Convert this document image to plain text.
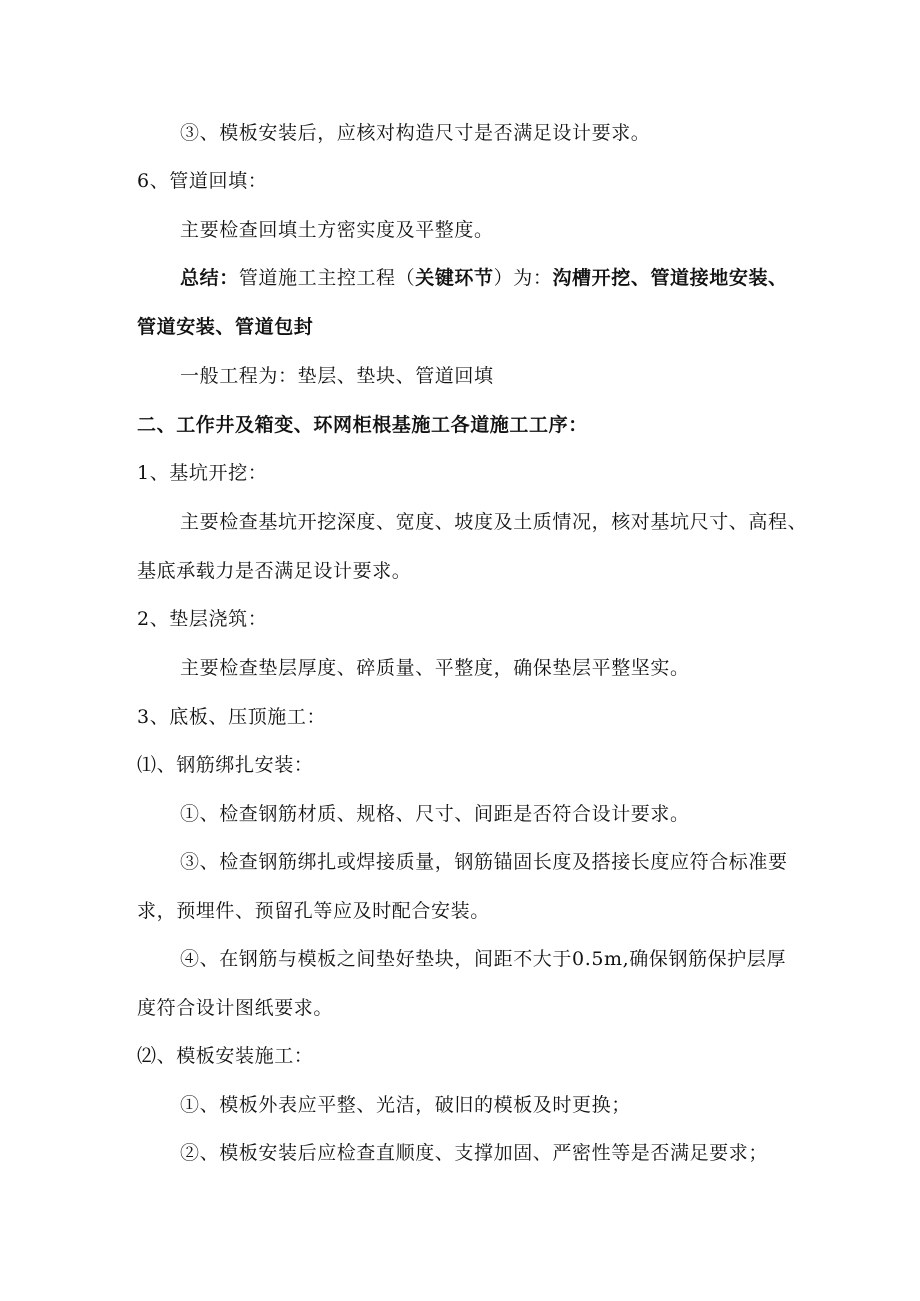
③、模板安装后，应核对构造尺寸是否满足设计要求。
6、管道回填：
主要检查回填土方密实度及平整度。
总结：管道施工主控工程（关键环节）为：沟槽开挖、管道接地安装、
管道安装、管道包封
一般工程为：垫层、垫块、管道回填
二、工作井及箱变、环网柜根基施工各道施工工序：
1、基坑开挖：
主要检查基坑开挖深度、宽度、坡度及土质情况，核对基坑尺寸、高程、
基底承载力是否满足设计要求。
2、垫层浇筑：
主要检查垫层厚度、碎质量、平整度，确保垫层平整坚实。
3、底板、压顶施工：
⑴、钢筋绑扎安装：
①、检查钢筋材质、规格、尺寸、间距是否符合设计要求。
③、检查钢筋绑扎或焊接质量，钢筋锚固长度及搭接长度应符合标准要
求，预埋件、预留孔等应及时配合安装。
④、在钢筋与模板之间垫好垫块，间距不大于0.5m,确保钢筋保护层厚
度符合设计图纸要求。
⑵、模板安装施工：
①、模板外表应平整、光洁，破旧的模板及时更换；
②、模板安装后应检查直顺度、支撑加固、严密性等是否满足要求；
